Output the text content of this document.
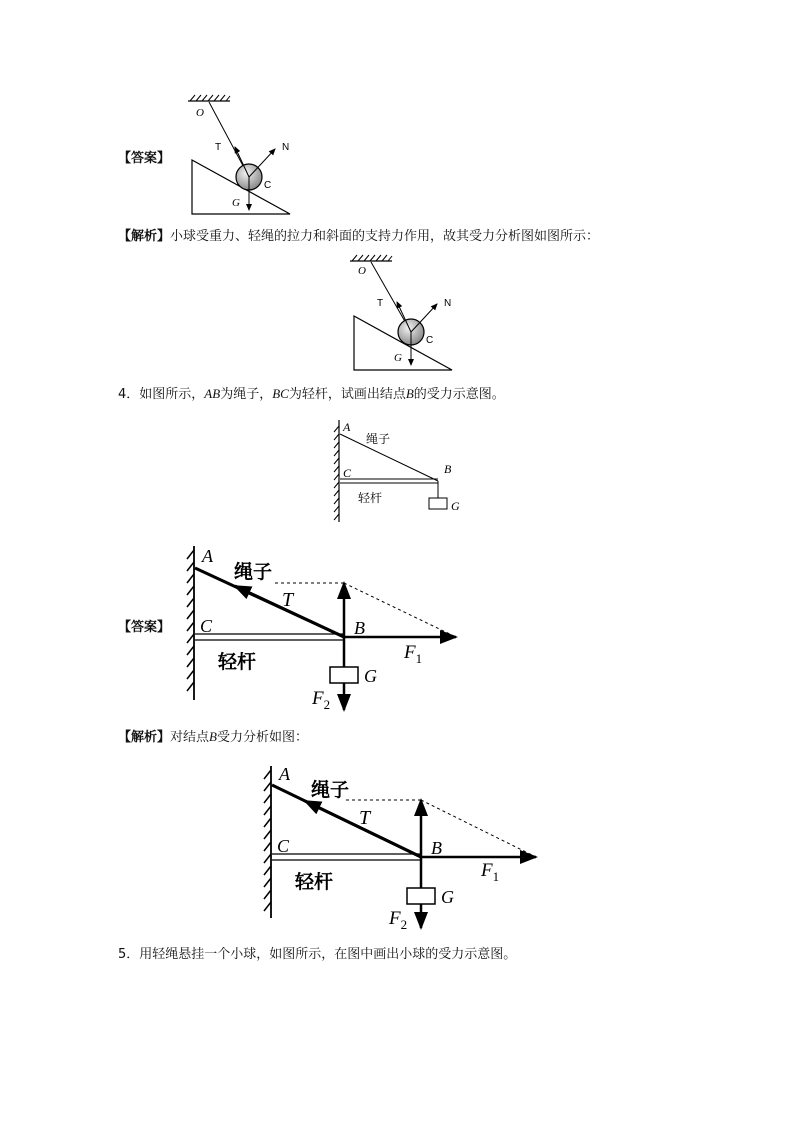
【答案】
O
T	N
C
G
【解析】小球受重力、轻绳的拉力和斜面的支持力作用，故其受力分析图如图所示：
O
T	N
C
G
4．如图所示，AB为绳子，BC为轻杆，试画出结点B的受力示意图。
A
绳子
C	B
轻杆
G
【答案】
A
绳子
T
C	B
轻杆
G
$F_1$
$F_2$
【解析】对结点B受力分析如图：
A
绳子
T
C	B
轻杆
G
$F_1$
$F_2$
5．用轻绳悬挂一个小球，如图所示，在图中画出小球的受力示意图。
